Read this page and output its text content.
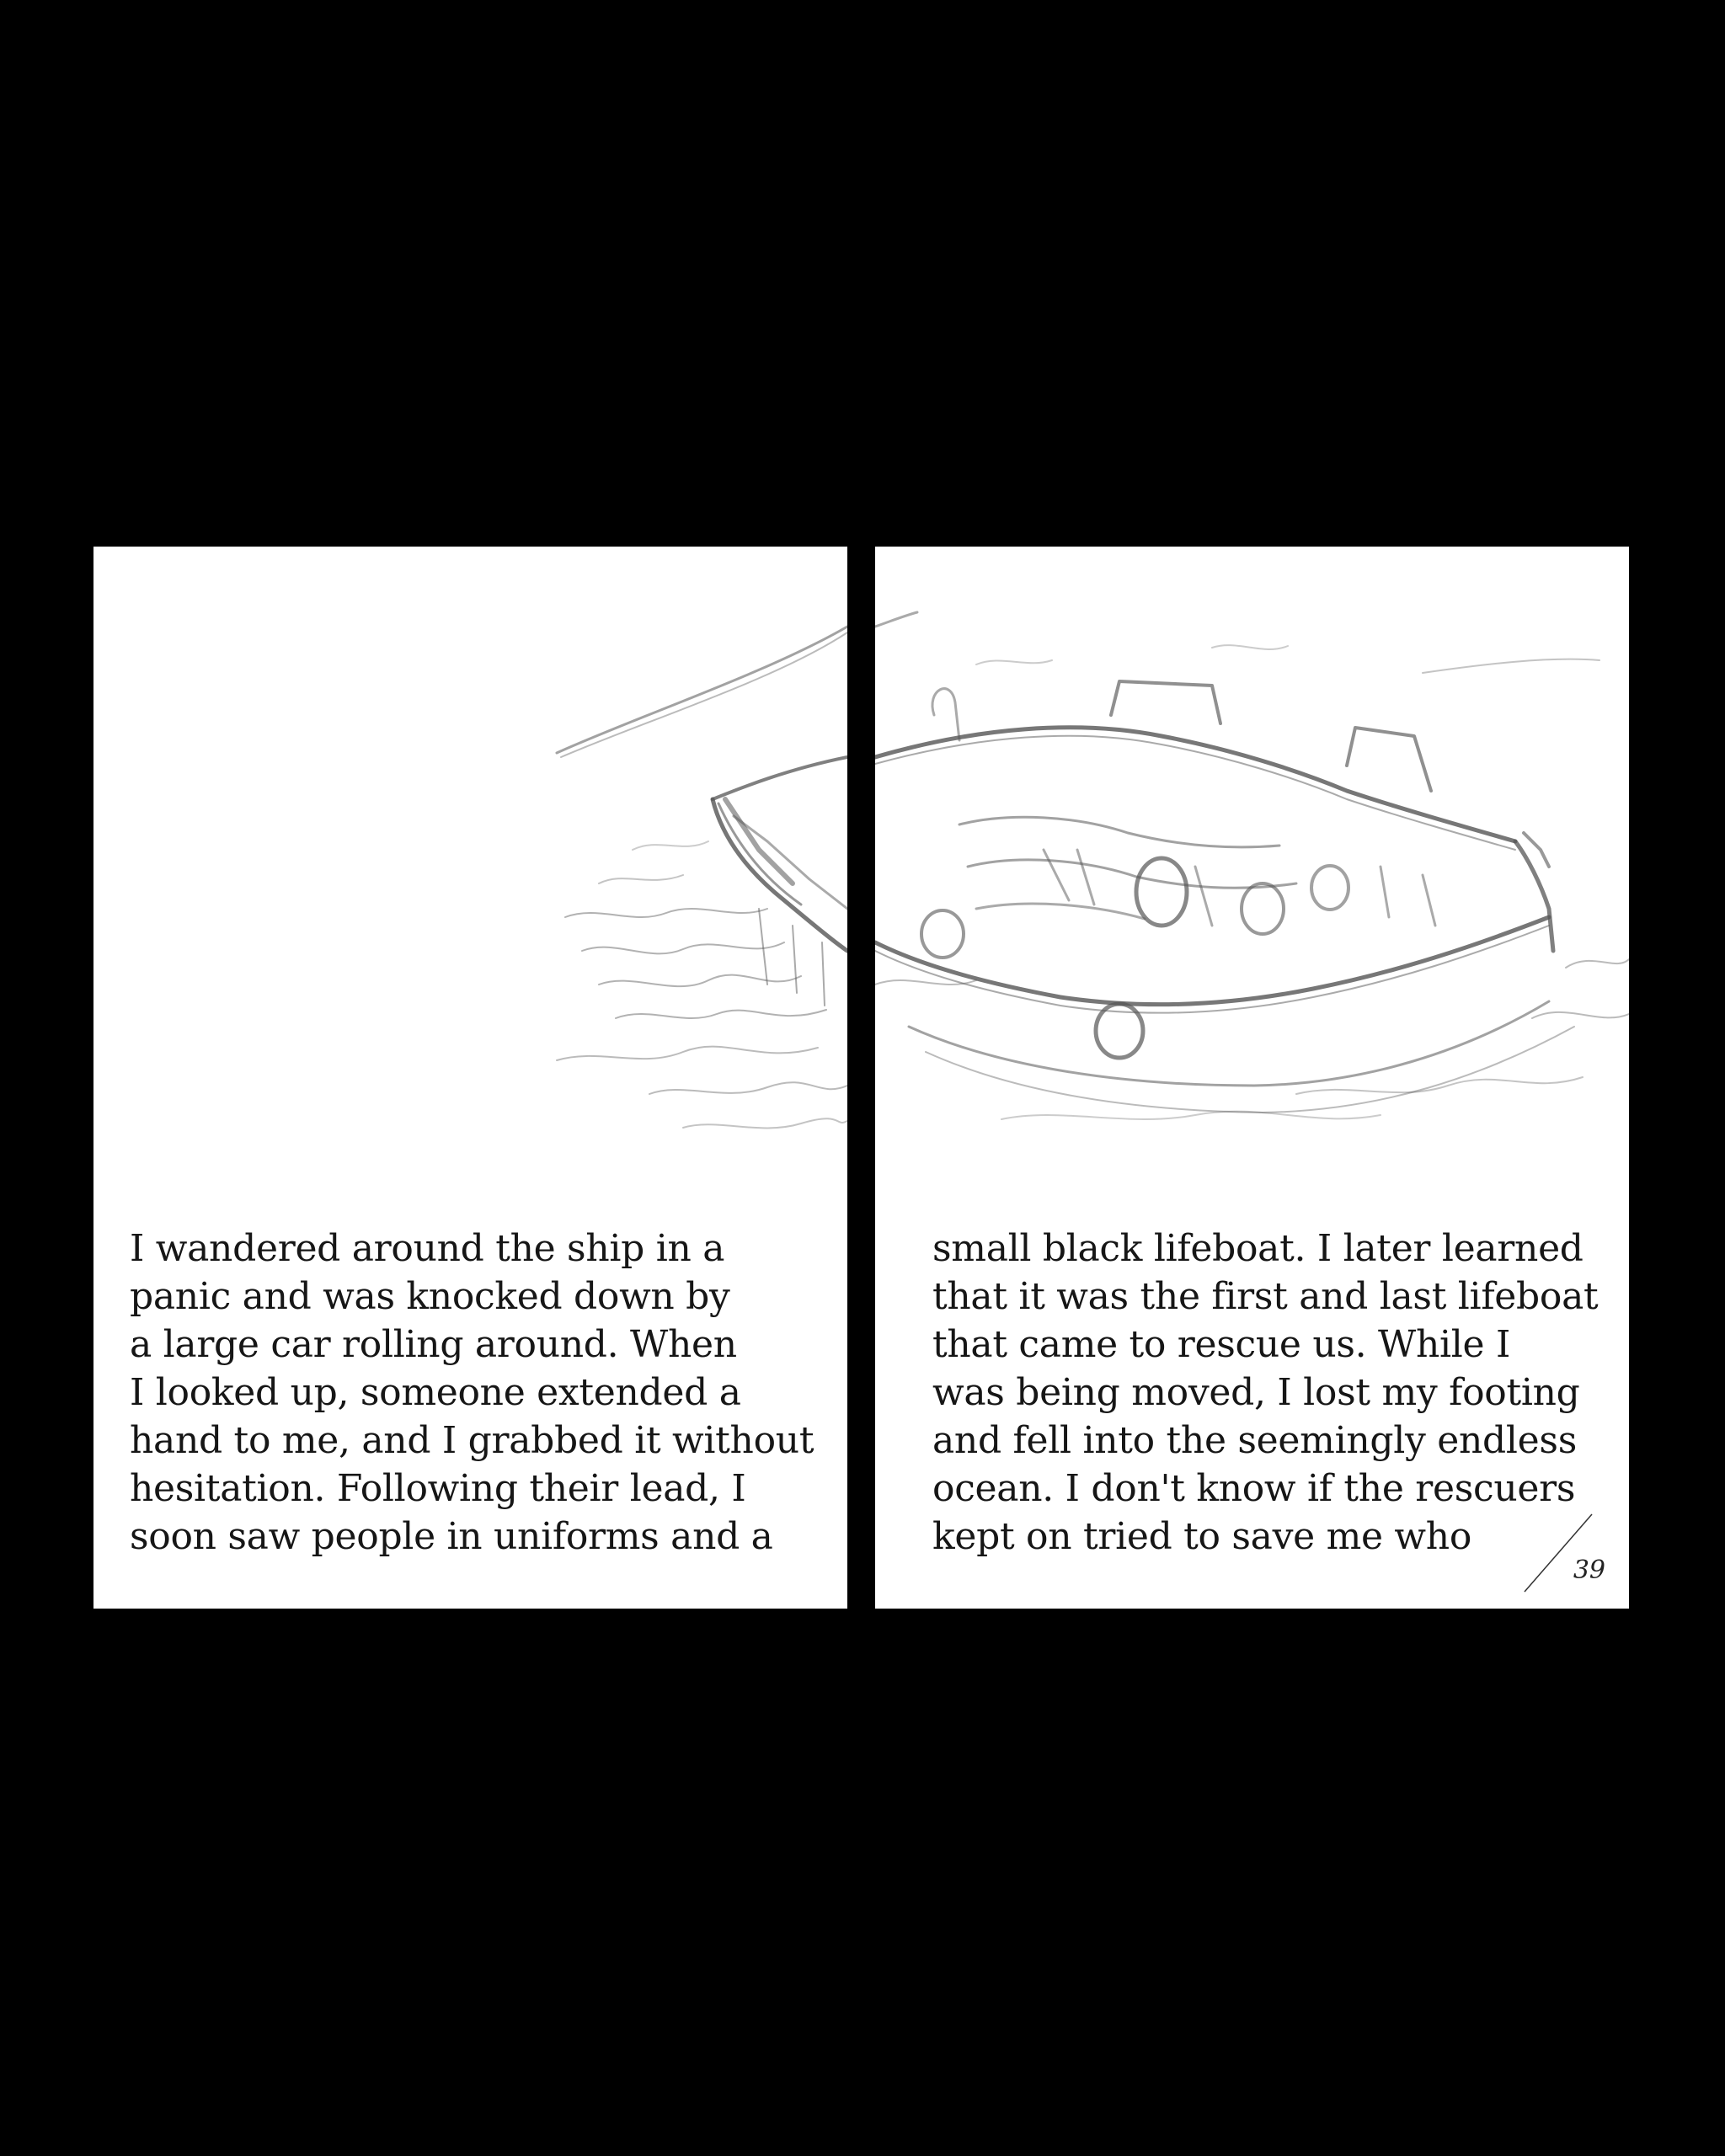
I wandered around the ship in a
panic and was knocked down by
a large car rolling around. When
I looked up, someone extended a
hand to me, and I grabbed it without
hesitation. Following their lead, I
soon saw people in uniforms and a

small black lifeboat. I later learned
that it was the first and last lifeboat
that came to rescue us. While I
was being moved, I lost my footing
and fell into the seemingly endless
ocean. I don't know if the rescuers
kept on tried to save me who

39
